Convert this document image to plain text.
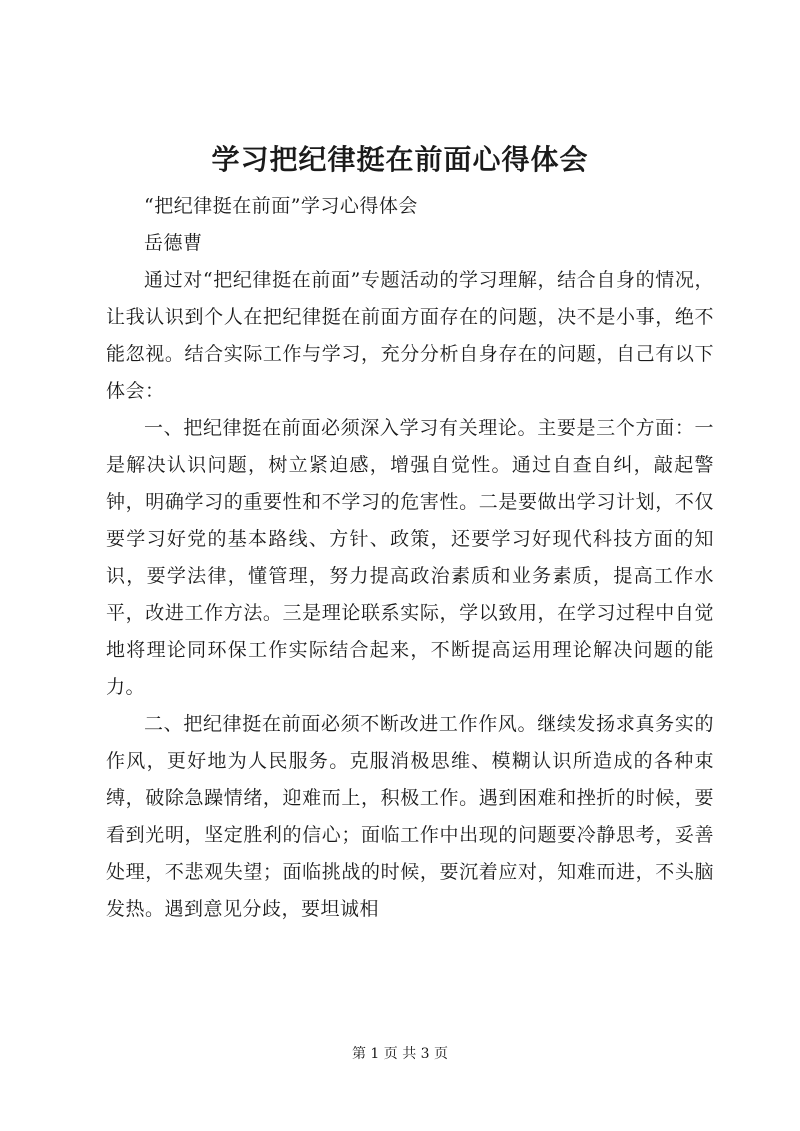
学习把纪律挺在前面心得体会

“把纪律挺在前面”学习心得体会

岳德曹

通过对“把纪律挺在前面”专题活动的学习理解，结合自身的情况，让我认识到个人在把纪律挺在前面方面存在的问题，决不是小事，绝不能忽视。结合实际工作与学习，充分分析自身存在的问题，自己有以下体会：

一、把纪律挺在前面必须深入学习有关理论。主要是三个方面：一是解决认识问题，树立紧迫感，增强自觉性。通过自查自纠，敲起警钟，明确学习的重要性和不学习的危害性。二是要做出学习计划，不仅要学习好党的基本路线、方针、政策，还要学习好现代科技方面的知识，要学法律，懂管理，努力提高政治素质和业务素质，提高工作水平，改进工作方法。三是理论联系实际，学以致用，在学习过程中自觉地将理论同环保工作实际结合起来，不断提高运用理论解决问题的能力。

二、把纪律挺在前面必须不断改进工作作风。继续发扬求真务实的作风，更好地为人民服务。克服消极思维、模糊认识所造成的各种束缚，破除急躁情绪，迎难而上，积极工作。遇到困难和挫折的时候，要看到光明，坚定胜利的信心；面临工作中出现的问题要冷静思考，妥善处理，不悲观失望；面临挑战的时候，要沉着应对，知难而进，不头脑发热。遇到意见分歧，要坦诚相

第 1 页 共 3 页
